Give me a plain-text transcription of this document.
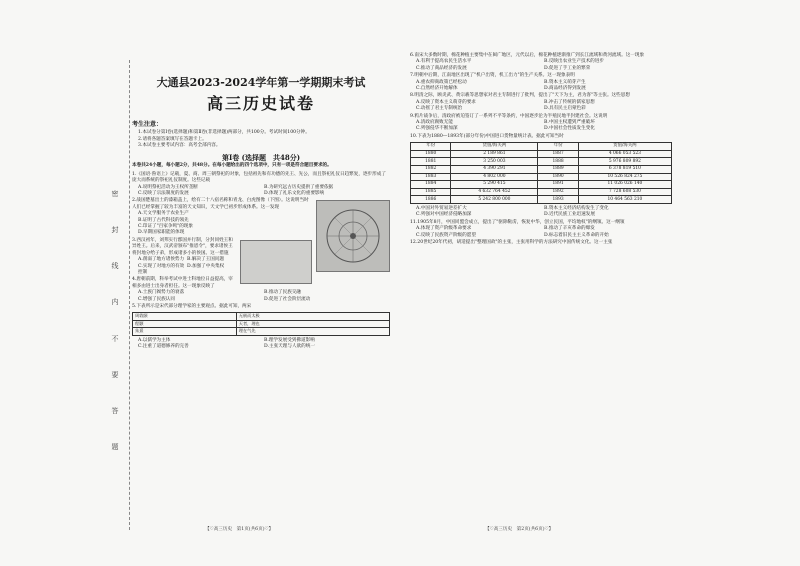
密
封
线
内
不
要
答
题
大通县2023-2024学年第一学期期末考试
高三历史试卷
考生注意：

1.本试卷分第Ⅰ卷(选择题)和第Ⅱ卷(非选择题)两部分，共100分。考试时间100分钟。

2.请将各题答案填写在答题卡上。

3.本试卷主要考试内容：高考全部内容。

第Ⅰ卷 (选择题　共48分)
本卷共24小题，每小题2分，共48分。在每小题给出的四个选项中，只有一项是符合题目要求的。
1.《国语·鲁语上》记载，夏、商、周三朝祭祀的对象，包括祖先和有功德的先王、先公，而且祭祀礼仪日趋繁复，逐步形成了庞大而系统的祭祀礼仪制度。这些记载
A.说明祭祀活动为王权所垄断	B.为研究远古历史提供了重要依据
C.反映了宗法制度的发展	D.体现了礼乐文化的重要影响
2.战国楚墓出土的漆箱盖上，绘有二十八宿名称和青龙、白虎图像（下图）。这说明当时人们已经掌握了较为丰富的天文知识，天文学已初步形成体系。这一发现
A.天文学服务于农业生产
B.证明了古代科技的领先
C.印证了"百家争鸣"的现象
D.早期国家职能的体现
3.西汉初年，刘邦实行郡国并行制，分封同姓王和异姓王。后来，汉武帝颁布"推恩令"，要求诸侯王将封地分给子弟，形成诸多小的侯国。这一措施
A.削弱了地方诸侯势力 B.解决了王国问题
C.实现了对地方的有效控制
D.加强了中央集权
4.唐朝前期，科举考试中进士科地位日益提高，宰相多由进士出身者担任。这一现象反映了
A.士族门阀势力的衰落	B.推动了民族交融
C.增强了民族认同	D.促进了社会阶层流动
5.下表所示是宋代部分理学家的主要观点。据此可知，两宋
周敦颐	无极而太极
程颢	天者，理也
朱熹	理在气先
A.以儒学为主体	B.理学发展受到佛道影响
C.注重了道德修养的完善	D.主张天理与人欲的统一
6.南宋大多数时期，棉花种植主要集中在闽广地区，元代以后，棉花种植逐渐推广到长江流域和黄河流域。这一现象
A.有利于提高农民生活水平	B.反映出农业生产技术的进步
C.推动了商品经济的发展	D.促进了手工业的繁荣
7.明朝中后期，江南地区出现了"机户出资，机工出力"的生产关系。这一现象表明
A.重农抑商政策已经松动	B.资本主义萌芽产生
C.自然经济开始解体	D.商品经济得到发展
8.明清之际，顾炎武、黄宗羲等思想家对君主专制进行了批判，提出了"天下为主，君为客"等主张。这些思想
A.反映了资本主义萌芽的要求	B.冲击了传统的儒家思想
C.动摇了君主专制统治	D.具有民主启蒙色彩
9.鸦片战争后，清政府被迫签订了一系列不平等条约，中国逐步沦为半殖民地半封建社会。这说明
A.清政府腐败无能	B.中国主权遭到严重破坏
C.列强侵华不断加深	D.中国社会性质发生变化
10.下表为1880—1893年(部分年份)中国进口货物量统计表。据此可知当时
年份	货值/海关两	年份	货值/海关两
1880	2 189 861	1887	4 066 053 523
1881	3 250 003	1888	5 976 809 892
1882	4 390 291	1889	6 378 819 510
1883	4 802 000	1890	10 526 824 275
1884	5 290 415	1891	11 026 026 140
1885	4 632 764 452	1892	7 728 608 530
1886	5 242 800 000	1893	10 464 563 210
A.中国对外贸易逆差扩大	B.资本主义经济结构发生了变化
C.列强对中国经济侵略加深	D.近代民族工业迅速发展
11.1905年8月，中国同盟会成立，提出了"驱除鞑虏，恢复中华，创立民国，平均地权"的纲领。这一纲领
A.体现了资产阶级革命要求	B.推动了辛亥革命的爆发
C.反映了民族资产阶级的愿望	D.标志着旧民主主义革命的开始
12.20世纪20年代初，胡适提出"整理国故"的主张，主张用科学的方法研究中国传统文化。这一主张
【♡高三历史　第1页(共6页)♡】	【♡高三历史　第2页(共6页)♡】
